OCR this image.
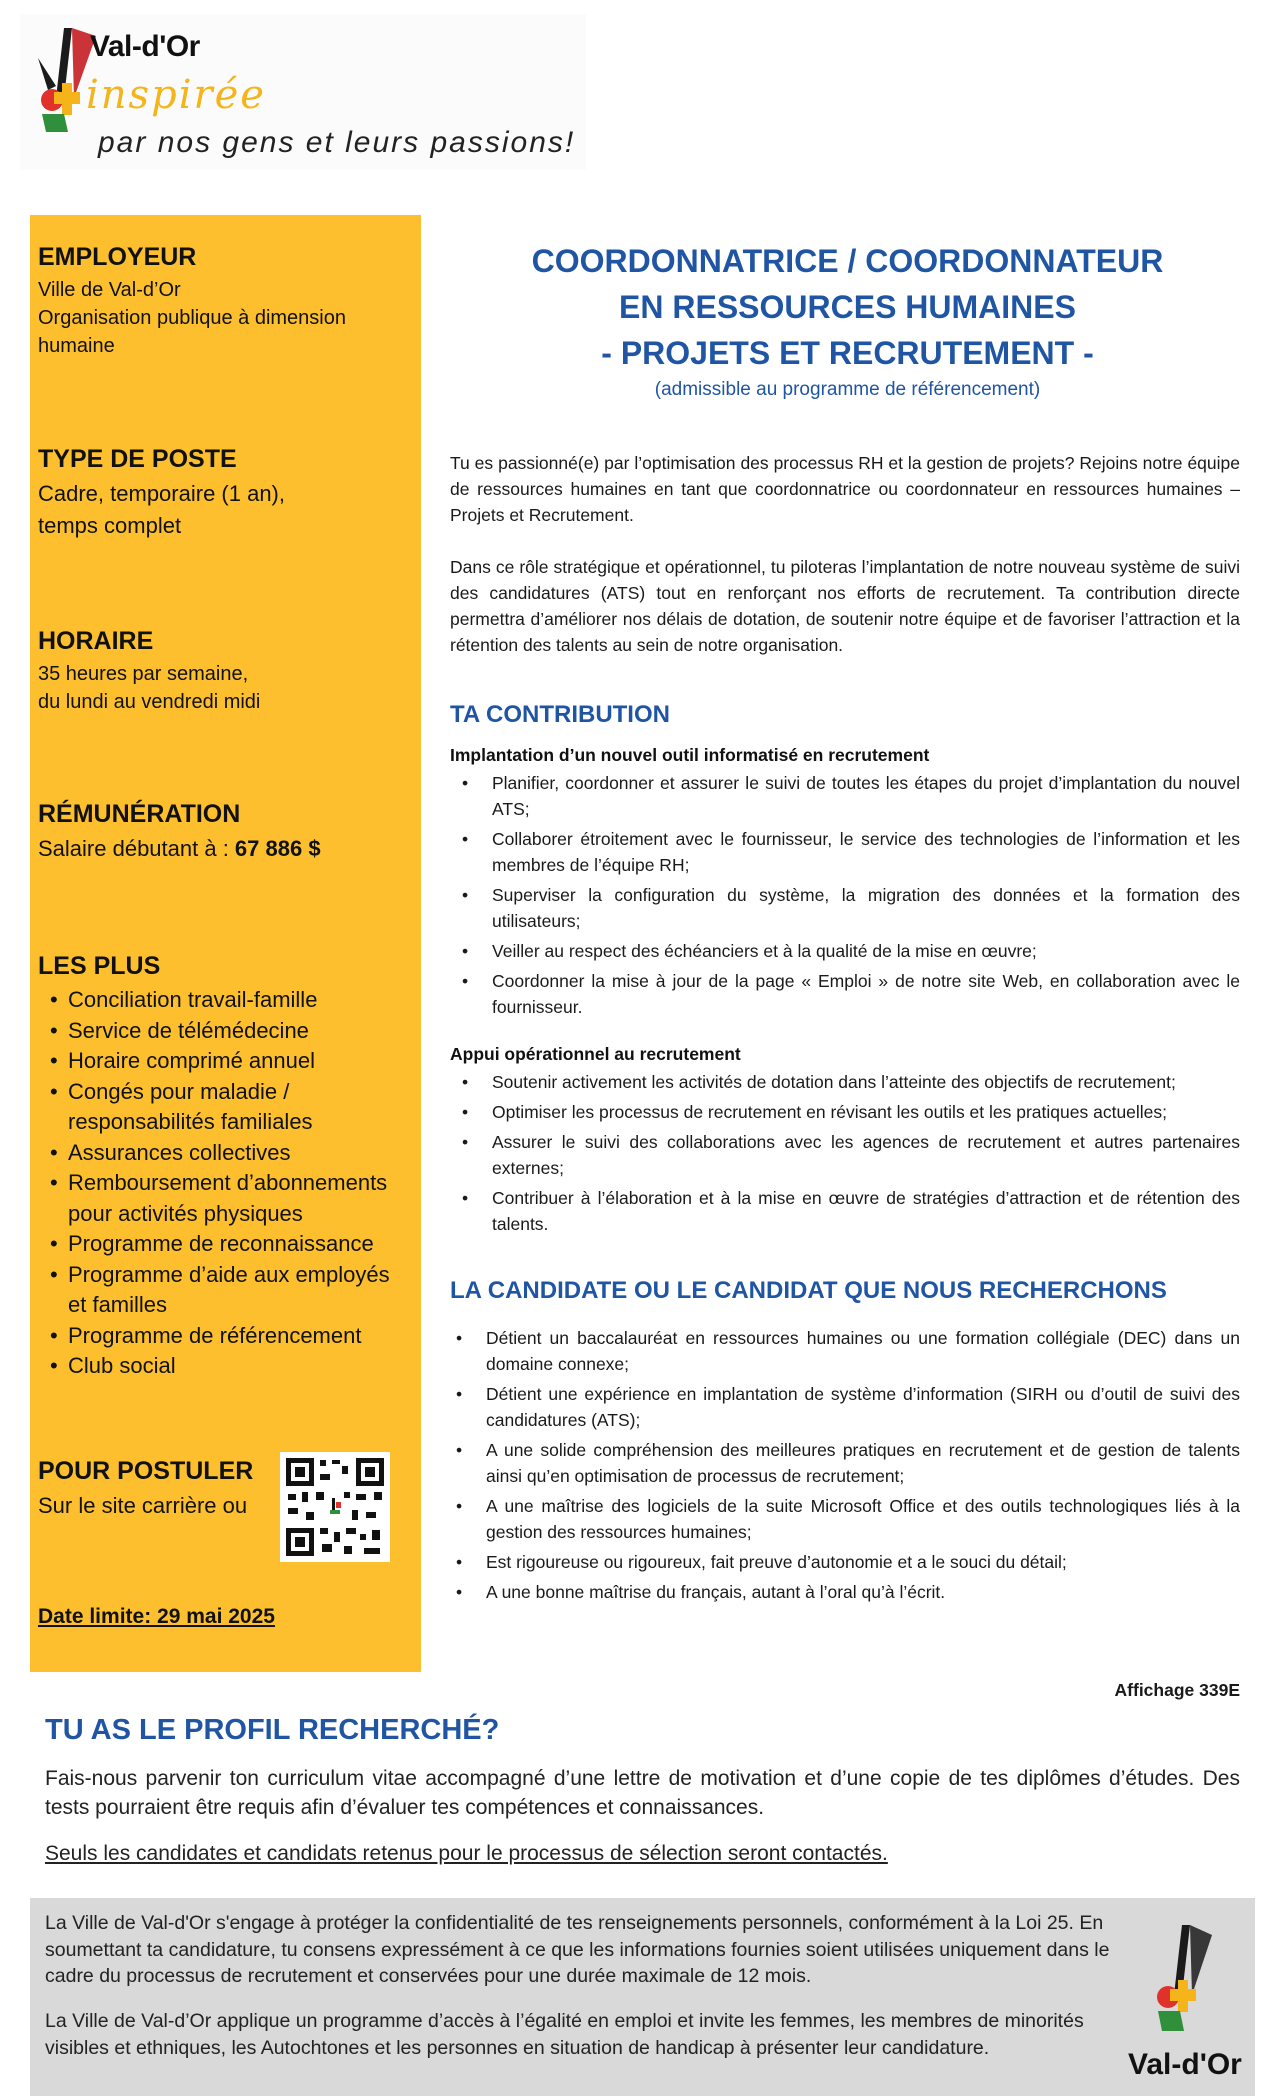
Val-d'Or
inspirée
par nos gens et leurs passions!
EMPLOYEUR

Ville de Val-d’Or

Organisation publique à dimension humaine

TYPE DE POSTE

Cadre, temporaire (1 an),

temps complet

HORAIRE

35 heures par semaine,

du lundi au vendredi midi

RÉMUNÉRATION

Salaire débutant à : 67 886 $

LES PLUS
• Conciliation travail-famille
• Service de télémédecine
• Horaire comprimé annuel
• Congés pour maladie / responsabilités familiales
• Assurances collectives
• Remboursement d’abonnements pour activités physiques
• Programme de reconnaissance
• Programme d’aide aux employés et familles
• Programme de référencement
• Club social
POUR POSTULER

Sur le site carrière ou

Date limite: 29 mai 2025
COORDONNATRICE / COORDONNATEUR
EN RESSOURCES HUMAINES
- PROJETS ET RECRUTEMENT -
(admissible au programme de référencement)

Tu es passionné(e) par l’optimisation des processus RH et la gestion de projets? Rejoins notre équipe de ressources humaines en tant que coordonnatrice ou coordonnateur en ressources humaines – Projets et Recrutement.

Dans ce rôle stratégique et opérationnel, tu piloteras l’implantation de notre nouveau système de suivi des candidatures (ATS) tout en renforçant nos efforts de recrutement. Ta contribution directe permettra d’améliorer nos délais de dotation, de soutenir notre équipe et de favoriser l’attraction et la rétention des talents au sein de notre organisation.

TA CONTRIBUTION

Implantation d’un nouvel outil informatisé en recrutement

• Planifier, coordonner et assurer le suivi de toutes les étapes du projet d’implantation du nouvel ATS;
• Collaborer étroitement avec le fournisseur, le service des technologies de l’information et les membres de l’équipe RH;
• Superviser la configuration du système, la migration des données et la formation des utilisateurs;
• Veiller au respect des échéanciers et à la qualité de la mise en œuvre;
• Coordonner la mise à jour de la page « Emploi » de notre site Web, en collaboration avec le fournisseur.

Appui opérationnel au recrutement

• Soutenir activement les activités de dotation dans l’atteinte des objectifs de recrutement;
• Optimiser les processus de recrutement en révisant les outils et les pratiques actuelles;
• Assurer le suivi des collaborations avec les agences de recrutement et autres partenaires externes;
• Contribuer à l’élaboration et à la mise en œuvre de stratégies d’attraction et de rétention des talents.
LA CANDIDATE OU LE CANDIDAT QUE NOUS RECHERCHONS
• Détient un baccalauréat en ressources humaines ou une formation collégiale (DEC) dans un domaine connexe;
• Détient une expérience en implantation de système d’information (SIRH ou d’outil de suivi des candidatures (ATS);
• A une solide compréhension des meilleures pratiques en recrutement et de gestion de talents ainsi qu’en optimisation de processus de recrutement;
• A une maîtrise des logiciels de la suite Microsoft Office et des outils technologiques liés à la gestion des ressources humaines;
• Est rigoureuse ou rigoureux, fait preuve d’autonomie et a le souci du détail;
• A une bonne maîtrise du français, autant à l’oral qu’à l’écrit.
Affichage 339E
TU AS LE PROFIL RECHERCHÉ?
Fais-nous parvenir ton curriculum vitae accompagné d’une lettre de motivation et d’une copie de tes diplômes d’études. Des tests pourraient être requis afin d’évaluer tes compétences et connaissances.
Seuls les candidates et candidats retenus pour le processus de sélection seront contactés.

La Ville de Val-d'Or s'engage à protéger la confidentialité de tes renseignements personnels, conformément à la Loi 25. En soumettant ta candidature, tu consens expressément à ce que les informations fournies soient utilisées uniquement dans le cadre du processus de recrutement et conservées pour une durée maximale de 12 mois.

La Ville de Val-d’Or applique un programme d’accès à l’égalité en emploi et invite les femmes, les membres de minorités visibles et ethniques, les Autochtones et les personnes en situation de handicap à présenter leur candidature.

Val-d'Or
